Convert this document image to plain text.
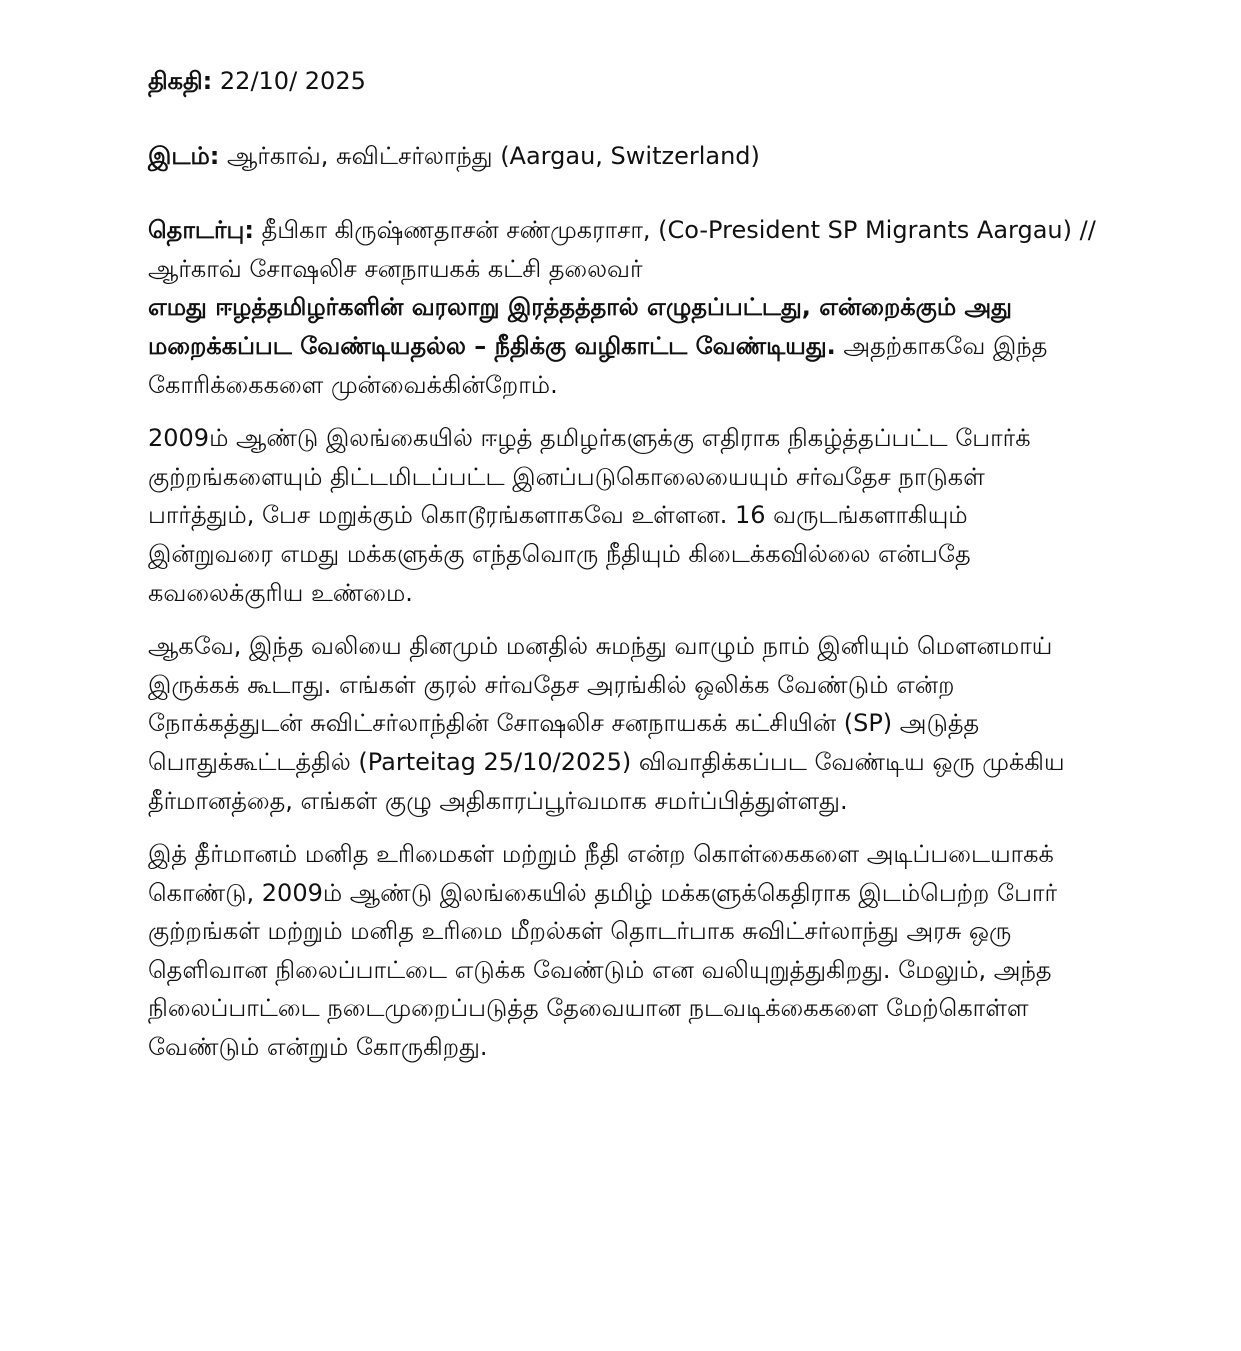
திகதி: 22/10/ 2025

இடம்: ஆர்காவ், சுவிட்சர்லாந்து (Aargau, Switzerland)

தொடர்பு: தீபிகா கிருஷ்ணதாசன் சண்முகராசா, (Co-President SP Migrants Aargau) //ஆர்காவ் சோஷலிச சனநாயகக் கட்சி தலைவர்

எமது ஈழத்தமிழர்களின் வரலாறு இரத்தத்தால் எழுதப்பட்டது, என்றைக்கும் அது மறைக்கப்பட வேண்டியதல்ல – நீதிக்கு வழிகாட்ட வேண்டியது. அதற்காகவே இந்த கோரிக்கைகளை முன்வைக்கின்றோம்.

2009ம் ஆண்டு இலங்கையில் ஈழத் தமிழர்களுக்கு எதிராக நிகழ்த்தப்பட்ட போர்க் குற்றங்களையும் திட்டமிடப்பட்ட இனப்படுகொலையையும் சர்வதேச நாடுகள் பார்த்தும், பேச மறுக்கும் கொடூரங்களாகவே உள்ளன. 16 வருடங்களாகியும் இன்றுவரை எமது மக்களுக்கு எந்தவொரு நீதியும் கிடைக்கவில்லை என்பதே கவலைக்குரிய உண்மை.

ஆகவே, இந்த வலியை தினமும் மனதில் சுமந்து வாழும் நாம் இனியும் மௌனமாய் இருக்கக் கூடாது. எங்கள் குரல் சர்வதேச அரங்கில் ஒலிக்க வேண்டும் என்ற நோக்கத்துடன் சுவிட்சர்லாந்தின் சோஷலிச சனநாயகக் கட்சியின் (SP) அடுத்த பொதுக்கூட்டத்தில் (Parteitag 25/10/2025) விவாதிக்கப்பட வேண்டிய ஒரு முக்கிய தீர்மானத்தை, எங்கள் குழு அதிகாரப்பூர்வமாக சமர்ப்பித்துள்ளது.

இத் தீர்மானம் மனித உரிமைகள் மற்றும் நீதி என்ற கொள்கைகளை அடிப்படையாகக் கொண்டு, 2009ம் ஆண்டு இலங்கையில் தமிழ் மக்களுக்கெதிராக இடம்பெற்ற போர் குற்றங்கள் மற்றும் மனித உரிமை மீறல்கள் தொடர்பாக சுவிட்சர்லாந்து அரசு ஒரு தெளிவான நிலைப்பாட்டை எடுக்க வேண்டும் என வலியுறுத்துகிறது. மேலும், அந்த நிலைப்பாட்டை நடைமுறைப்படுத்த தேவையான நடவடிக்கைகளை மேற்கொள்ள வேண்டும் என்றும் கோருகிறது.
